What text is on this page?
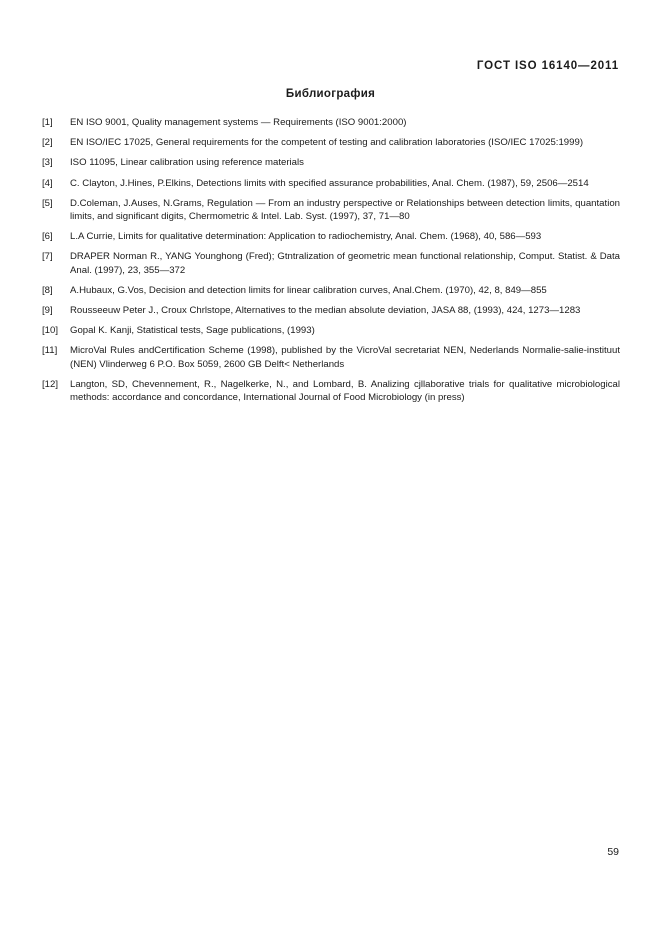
ГОСТ ISO 16140—2011
Библиография
[1]	EN ISO 9001, Quality management systems — Requirements (ISO 9001:2000)
[2]	EN ISO/IEC 17025, General requirements for the competent of testing and calibration laboratories (ISO/IEC 17025:1999)
[3]	ISO 11095, Linear calibration using reference materials
[4]	C. Clayton, J.Hines, P.Elkins, Detections limits with specified assurance probabilities, Anal. Chem. (1987), 59, 2506—2514
[5]	D.Coleman, J.Auses, N.Grams, Regulation — From an industry perspective or Relationships between detection limits, quantation limits, and significant digits, Chermometric & Intel. Lab. Syst. (1997), 37, 71—80
[6]	L.A Currie, Limits for qualitative determination: Application to radiochemistry, Anal. Chem. (1968), 40, 586—593
[7]	DRAPER Norman R., YANG Younghong (Fred); Gtntralization of geometric mean functional relationship, Comput. Statist. & Data Anal. (1997), 23, 355—372
[8]	A.Hubaux, G.Vos, Decision and detection limits for linear calibration curves, Anal.Chem. (1970), 42, 8, 849—855
[9]	Rousseeuw Peter J., Croux Chrlstope, Alternatives to the median absolute deviation, JASA 88, (1993), 424, 1273—1283
[10]	Gopal K. Kanji, Statistical tests, Sage publications, (1993)
[11]	MicroVal Rules andCertification Scheme (1998), published by the VicroVal secretariat NEN, Nederlands Normalie-salie-instituut (NEN) Vlinderweg 6 P.O. Box 5059, 2600 GB Delft< Netherlands
[12]	Langton, SD, Chevennement, R., Nagelkerke, N., and Lombard, B. Analizing cjllaborative trials for qualitative microbiological methods: accordance and concordance, International Journal of Food Microbiology (in press)
59
